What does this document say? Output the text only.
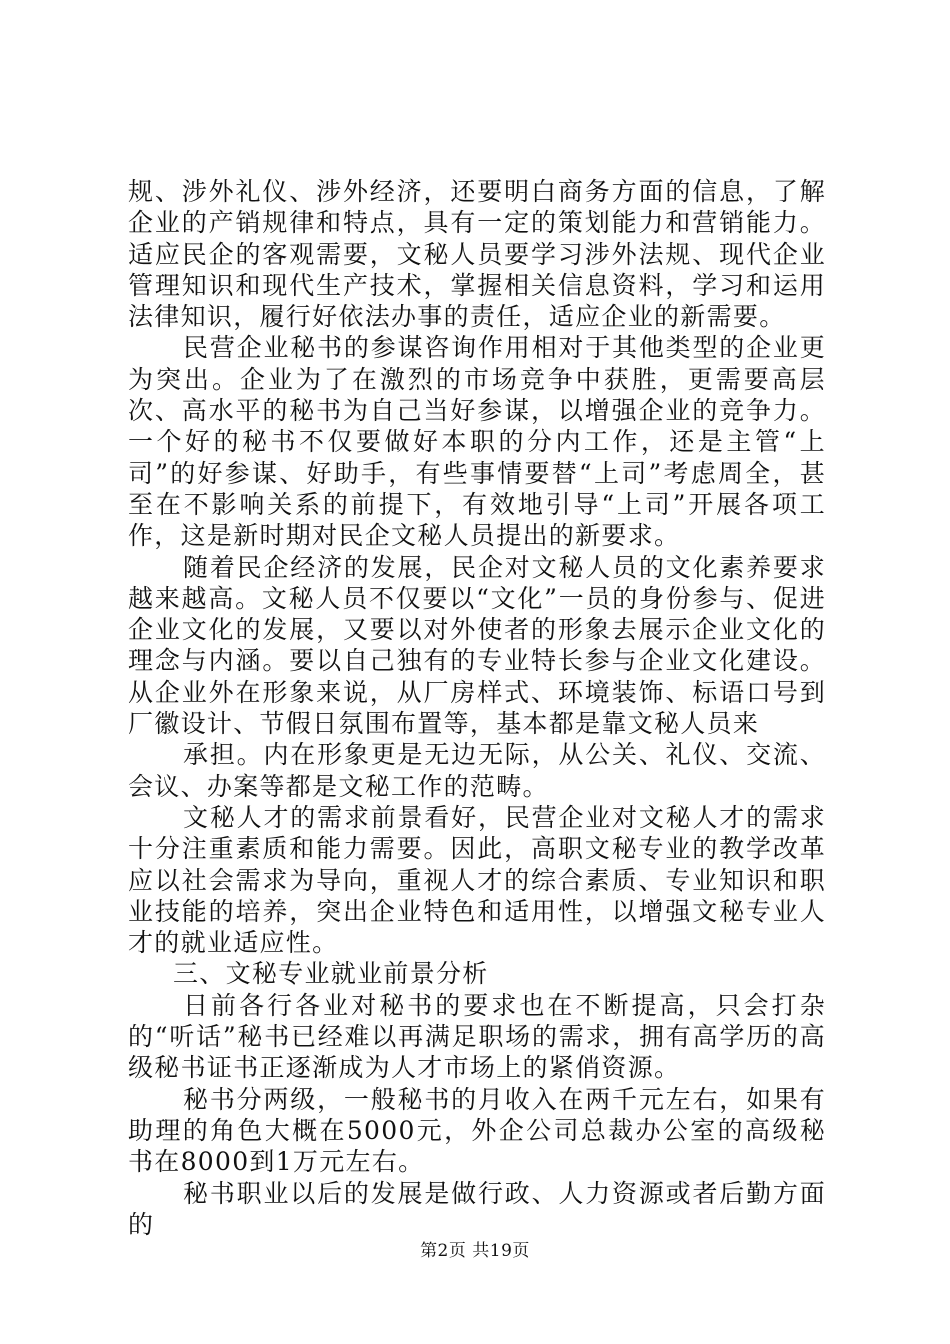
规、涉外礼仪、涉外经济，还要明白商务方面的信息，了解企业的产销规律和特点，具有一定的策划能力和营销能力。适应民企的客观需要，文秘人员要学习涉外法规、现代企业管理知识和现代生产技术，掌握相关信息资料，学习和运用法律知识，履行好依法办事的责任，适应企业的新需要。

民营企业秘书的参谋咨询作用相对于其他类型的企业更为突出。企业为了在激烈的市场竞争中获胜，更需要高层次、高水平的秘书为自己当好参谋，以增强企业的竞争力。一个好的秘书不仅要做好本职的分内工作，还是主管“上司”的好参谋、好助手，有些事情要替“上司”考虑周全，甚至在不影响关系的前提下，有效地引导“上司”开展各项工作，这是新时期对民企文秘人员提出的新要求。

随着民企经济的发展，民企对文秘人员的文化素养要求越来越高。文秘人员不仅要以“文化”一员的身份参与、促进企业文化的发展，又要以对外使者的形象去展示企业文化的理念与内涵。要以自己独有的专业特长参与企业文化建设。从企业外在形象来说，从厂房样式、环境装饰、标语口号到厂徽设计、节假日氛围布置等，基本都是靠文秘人员来

承担。内在形象更是无边无际，从公关、礼仪、交流、会议、办案等都是文秘工作的范畴。

文秘人才的需求前景看好，民营企业对文秘人才的需求十分注重素质和能力需要。因此，高职文秘专业的教学改革应以社会需求为导向，重视人才的综合素质、专业知识和职业技能的培养，突出企业特色和适用性，以增强文秘专业人才的就业适应性。

三、文秘专业就业前景分析

日前各行各业对秘书的要求也在不断提高，只会打杂的“听话”秘书已经难以再满足职场的需求，拥有高学历的高级秘书证书正逐渐成为人才市场上的紧俏资源。

秘书分两级，一般秘书的月收入在两千元左右，如果有助理的角色大概在5000元，外企公司总裁办公室的高级秘书在8000到1万元左右。

秘书职业以后的发展是做行政、人力资源或者后勤方面的

第2页 共19页
